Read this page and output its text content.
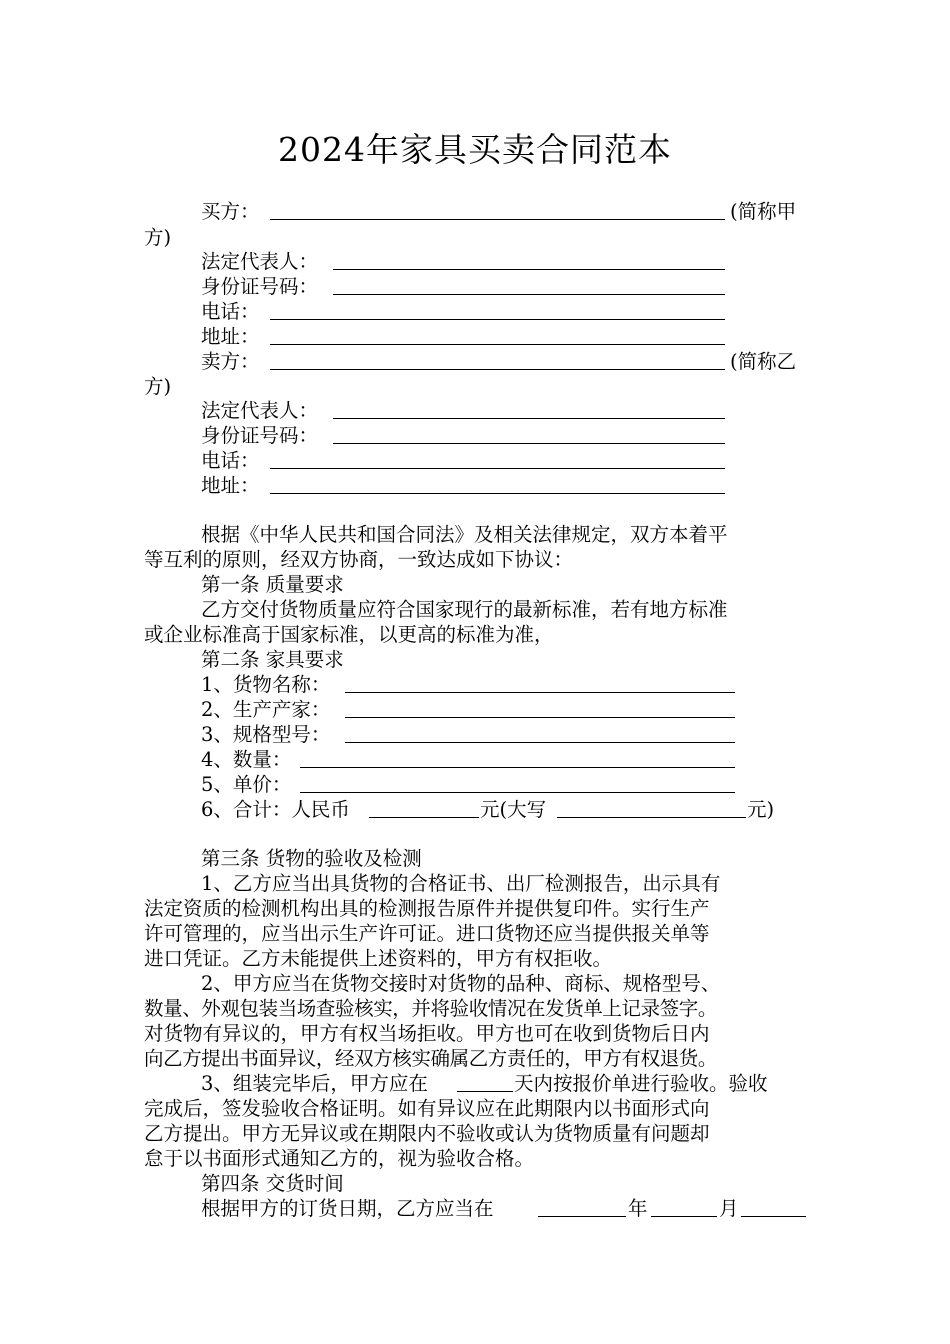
2024年家具买卖合同范本
买方：	(简称甲
方)
法定代表人：
身份证号码：
电话：
地址：
卖方：	(简称乙
方)
法定代表人：
身份证号码：
电话：
地址：
根据《中华人民共和国合同法》及相关法律规定，双方本着平
等互利的原则，经双方协商，一致达成如下协议：
第一条 质量要求
乙方交付货物质量应符合国家现行的最新标准，若有地方标准
或企业标准高于国家标准，以更高的标准为准，
第二条 家具要求
1、货物名称：
2、生产产家：
3、规格型号：
4、数量：
5、单价：
6、合计：人民币	元(大写	元)
第三条 货物的验收及检测
1、乙方应当出具货物的合格证书、出厂检测报告，出示具有
法定资质的检测机构出具的检测报告原件并提供复印件。实行生产
许可管理的，应当出示生产许可证。进口货物还应当提供报关单等
进口凭证。乙方未能提供上述资料的，甲方有权拒收。
2、甲方应当在货物交接时对货物的品种、商标、规格型号、
数量、外观包装当场查验核实，并将验收情况在发货单上记录签字。
对货物有异议的，甲方有权当场拒收。甲方也可在收到货物后日内
向乙方提出书面异议，经双方核实确属乙方责任的，甲方有权退货。
3、组装完毕后，甲方应在	天内按报价单进行验收。验收
完成后，签发验收合格证明。如有异议应在此期限内以书面形式向
乙方提出。甲方无异议或在期限内不验收或认为货物质量有问题却
怠于以书面形式通知乙方的，视为验收合格。
第四条 交货时间
根据甲方的订货日期，乙方应当在	年	月
